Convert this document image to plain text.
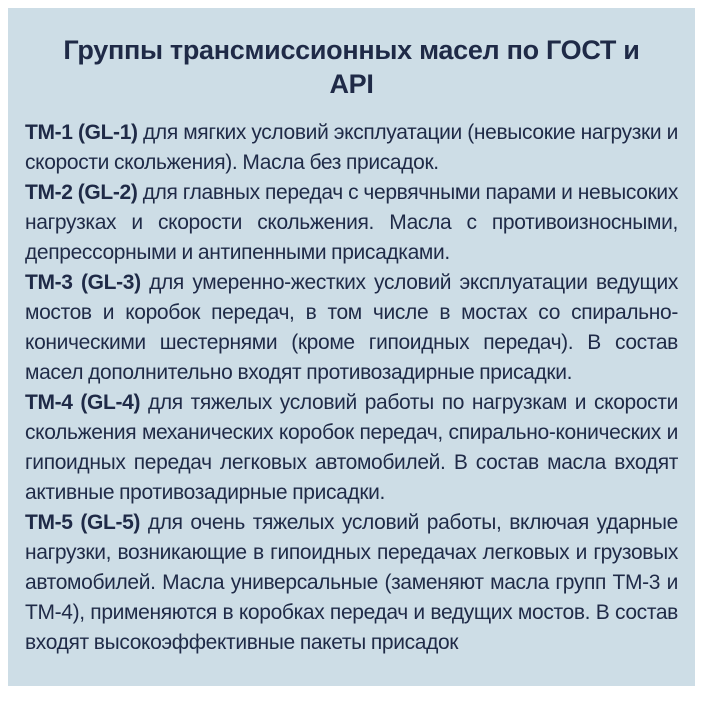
Группы трансмиссионных масел по ГОСТ и API

ТМ-1 (GL-1) для мягких условий эксплуатации (невысокие нагрузки и скорости скольжения). Масла без присадок.

ТМ-2 (GL-2) для главных передач с червячными парами и невысоких нагрузках и скорости скольжения. Масла с противоизносными, депрессорными и антипенными присадками.

ТМ-3 (GL-3) для умеренно-жестких условий эксплуатации ведущих мостов и коробок передач, в том числе в мостах со спирально-коническими шестернями (кроме гипоидных передач). В состав масел дополнительно входят противозадирные присадки.

ТМ-4 (GL-4) для тяжелых условий работы по нагрузкам и скорости скольжения механических коробок передач, спирально-конических и гипоидных передач легковых автомобилей. В состав масла входят активные противозадирные присадки.

ТМ-5 (GL-5) для очень тяжелых условий работы, включая ударные нагрузки, возникающие в гипоидных передачах легковых и грузовых автомобилей. Масла универсальные (заменяют масла групп ТМ-3 и ТМ-4), применяются в коробках передач и ведущих мостов. В состав входят высокоэффективные пакеты присадок
